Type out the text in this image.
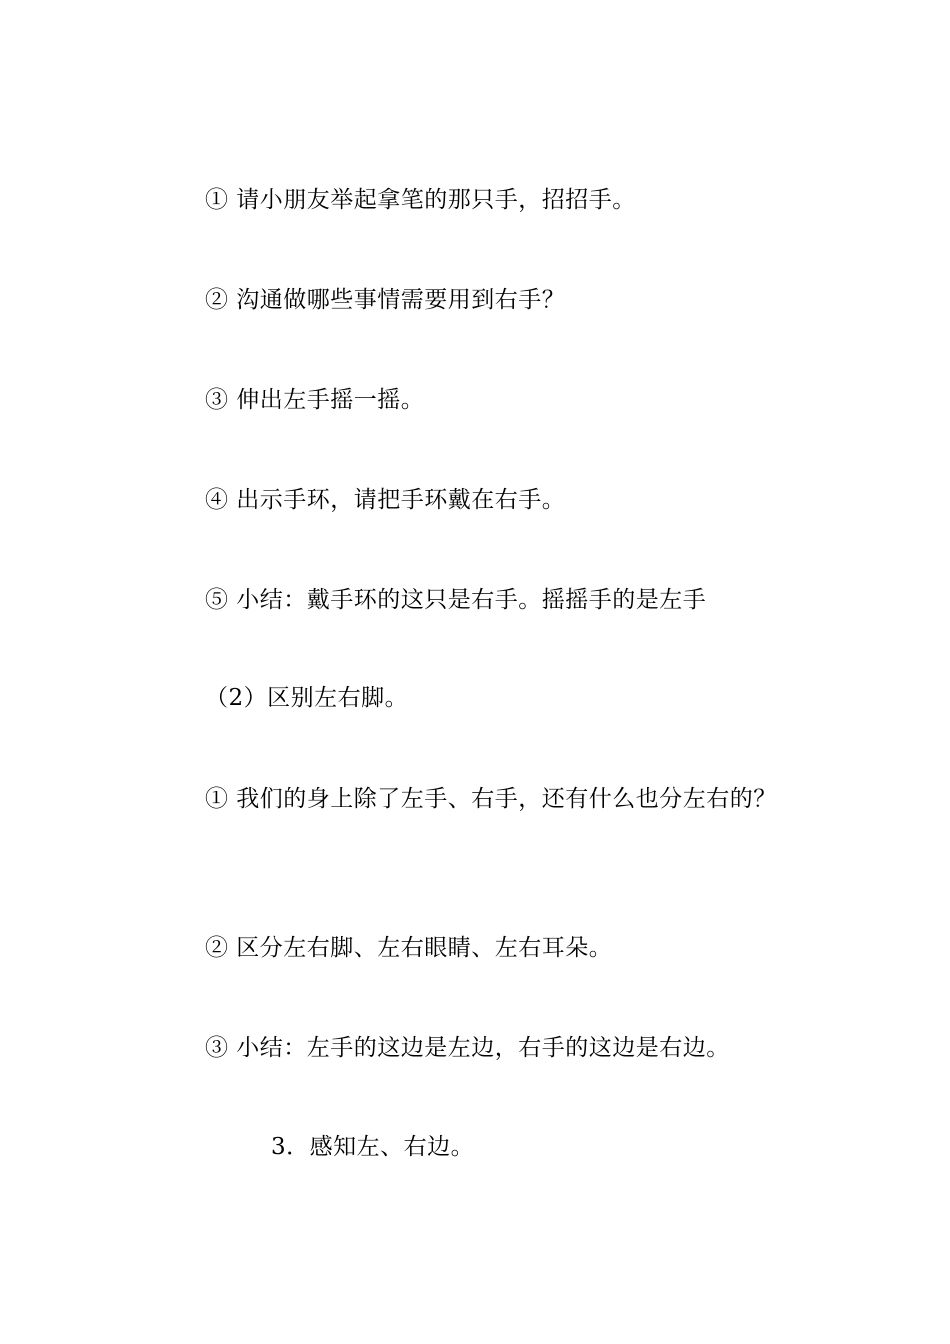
① 请小朋友举起拿笔的那只手，招招手。
② 沟通做哪些事情需要用到右手？
③ 伸出左手摇一摇。
④ 出示手环，请把手环戴在右手。
⑤ 小结：戴手环的这只是右手。摇摇手的是左手
（2）区别左右脚。
① 我们的身上除了左手、右手，还有什么也分左右的？
② 区分左右脚、左右眼睛、左右耳朵。
③ 小结：左手的这边是左边，右手的这边是右边。
3．感知左、右边。
